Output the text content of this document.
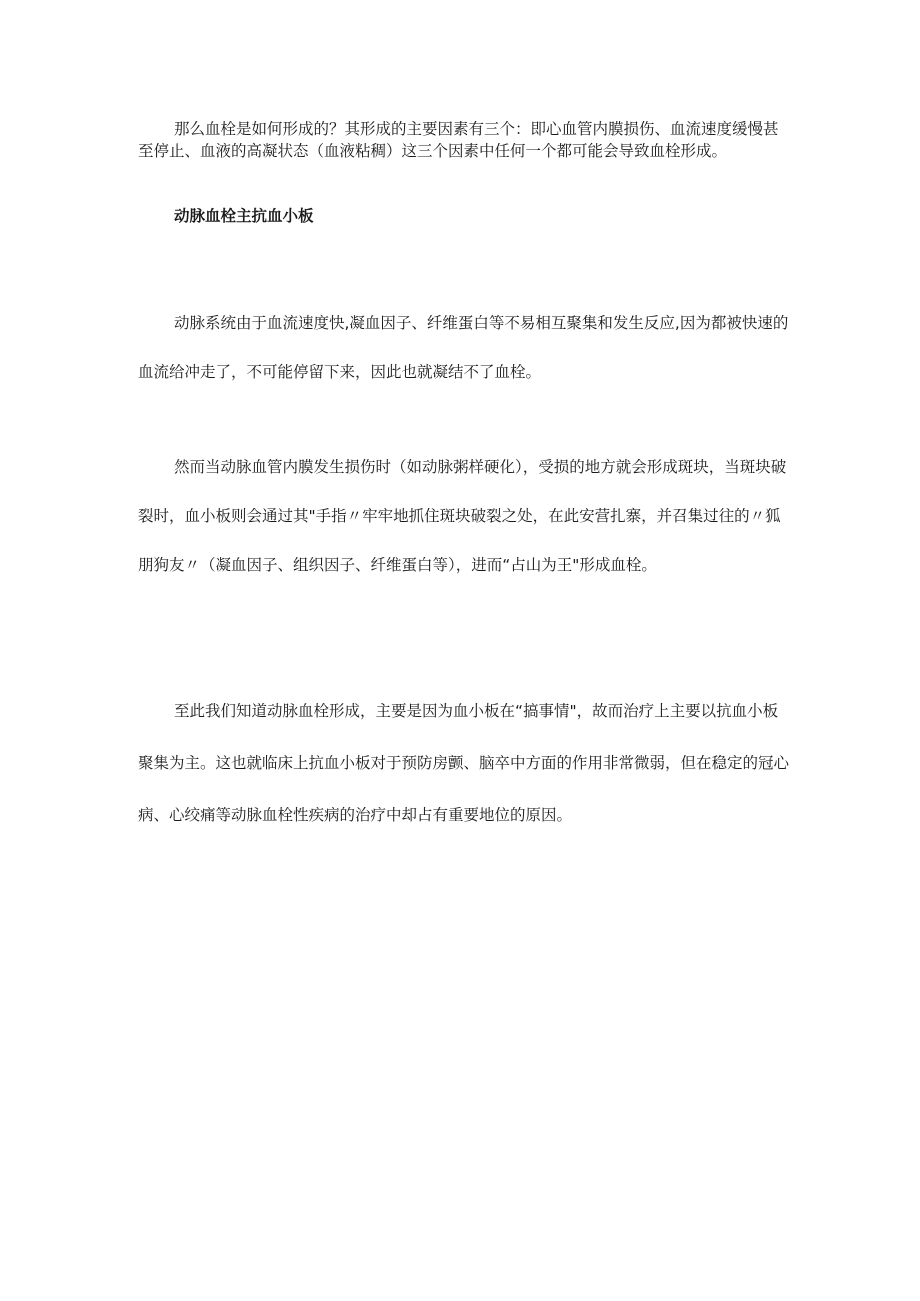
那么血栓是如何形成的？其形成的主要因素有三个：即心血管内膜损伤、血流速度缓慢甚至停止、血液的高凝状态（血液粘稠）这三个因素中任何一个都可能会导致血栓形成。

动脉血栓主抗血小板

动脉系统由于血流速度快,凝血因子、纤维蛋白等不易相互聚集和发生反应,因为都被快速的血流给冲走了，不可能停留下来，因此也就凝结不了血栓。

然而当动脉血管内膜发生损伤时（如动脉粥样硬化），受损的地方就会形成斑块，当斑块破裂时，血小板则会通过其"手指〃牢牢地抓住斑块破裂之处，在此安营扎寨，并召集过往的〃狐朋狗友〃（凝血因子、组织因子、纤维蛋白等），进而“占山为王"形成血栓。

至此我们知道动脉血栓形成，主要是因为血小板在“搞事情"，故而治疗上主要以抗血小板聚集为主。这也就临床上抗血小板对于预防房颤、脑卒中方面的作用非常微弱，但在稳定的冠心病、心绞痛等动脉血栓性疾病的治疗中却占有重要地位的原因。
